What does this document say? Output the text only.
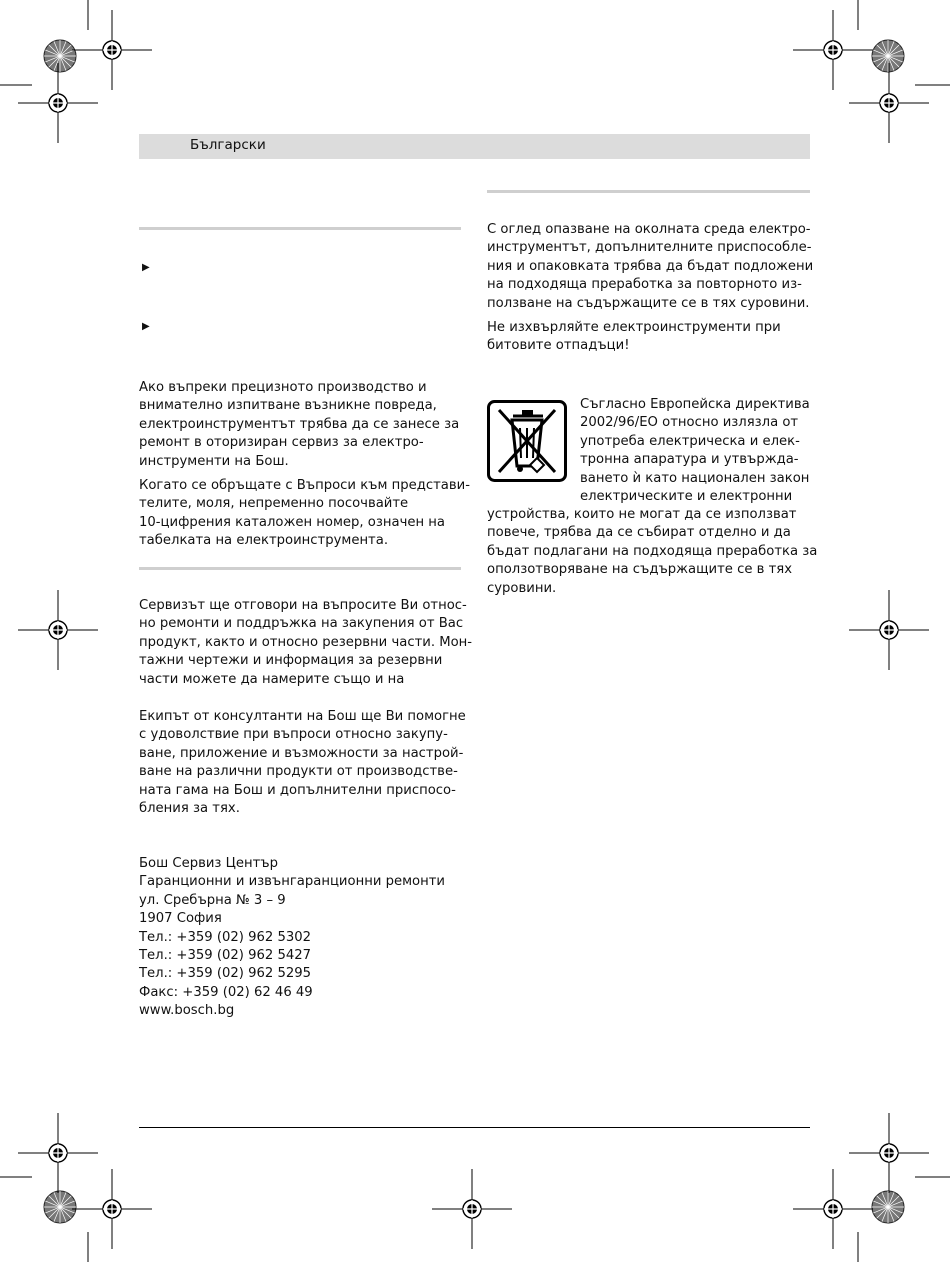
Български
▶
▶
Ако въпреки прецизното производство и
внимателно изпитване възникне повреда,
електроинструментът трябва да се занесе за
ремонт в оторизиран сервиз за електро-
инструменти на Бош.
Когато се обръщате с Въпроси към представи-
телите, моля, непременно посочвайте
10-цифрения каталожен номер, означен на
табелката на електроинструмента.
Сервизът ще отговори на въпросите Ви относ-
но ремонти и поддръжка на закупения от Вас
продукт, както и относно резервни части. Мон-
тажни чертежи и информация за резервни
части можете да намерите също и на
Екипът от консултанти на Бош ще Ви помогне
с удоволствие при въпроси относно закупу-
ване, приложение и възможности за настрой-
ване на различни продукти от производстве-
ната гама на Бош и допълнителни приспосо-
бления за тях.
Бош Сервиз Център
Гаранционни и извънгаранционни ремонти
ул. Сребърна № 3 – 9
1907 София
Тел.: +359 (02) 962 5302
Тел.: +359 (02) 962 5427
Тел.: +359 (02) 962 5295
Факс: +359 (02) 62 46 49
www.bosch.bg
С оглед опазване на околната среда електро-
инструментът, допълнителните приспособле-
ния и опаковката трябва да бъдат подложени
на подходяща преработка за повторното из-
ползване на съдържащите се в тях суровини.
Не изхвърляйте електроинструменти при
битовите отпадъци!
Съгласно Европейска директива
2002/96/ЕО относно излязла от
употреба електрическа и елек-
тронна апаратура и утвържда-
ването ѝ като национален закон
електрическите и електронни
устройства, които не могат да се използват
повече, трябва да се събират отделно и да
бъдат подлагани на подходяща преработка за
оползотворяване на съдържащите се в тях
суровини.
